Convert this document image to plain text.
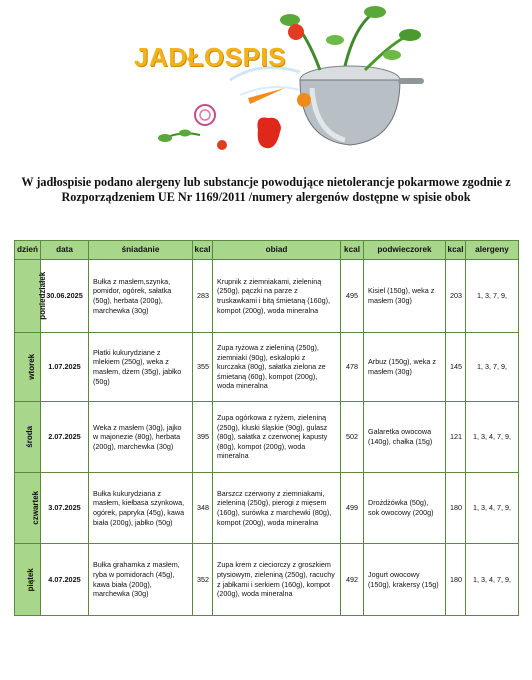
JADŁOSPIS
W jadłospisie podano alergeny lub substancje powodujące nietolerancje pokarmowe zgodnie z Rozporządzeniem UE Nr 1169/2011 /numery alergenów dostępne w spisie obok
dzień	data	śniadanie	kcal	obiad	kcal	podwieczorek	kcal	alergeny
poniedziałek	30.06.2025	Bułka z masłem,szynka, pomidor, ogórek, sałatka (50g), herbata (200g), marchewka (30g)	283	Krupnik z ziemniakami, zieleniną (250g), pączki na parze z truskawkami i bitą śmietaną (160g), kompot (200g), woda mineralna	495	Kisiel (150g), weka z masłem (30g)	203	1, 3, 7, 9,
wtorek	1.07.2025	Płatki kukurydziane z mlekiem (250g), weka z masłem, dżem (35g), jabłko (50g)	355	Zupa ryżowa z zieleniną (250g), ziemniaki (90g), eskalopki z kurczaka (80g), sałatka zielona ze śmietaną (60g), kompot (200g), woda mineralna	478	Arbuz (150g), weka z masłem (30g)	145	1, 3, 7, 9,
środa	2.07.2025	Weka z masłem (30g), jajko w majonezie (80g), herbata (200g), marchewka (30g)	395	Zupa ogórkowa z ryżem, zieleniną (250g), kluski śląskie (90g), gulasz (80g), sałatka z czerwonej kapusty (80g), kompot (200g), woda mineralna	502	Galaretka owocowa (140g), chałka (15g)	121	1, 3, 4, 7, 9,
czwartek	3.07.2025	Bułka kukurydziana z masłem, kiełbasa szynkowa, ogórek, papryka (45g), kawa biała (200g), jabłko (50g)	348	Barszcz czerwony z ziemniakami, zieleniną (250g), pierogi z mięsem (160g), surówka z marchewki (80g), kompot (200g), woda mineralna	499	Drożdżówka (50g), sok owocowy (200g)	180	1, 3, 4, 7, 9,
piątek	4.07.2025	Bułka grahamka z masłem, ryba w pomidorach (45g), kawa biała (200g), marchewka (30g)	352	Zupa krem z cieciorczy z groszkiem ptysiowym, zieleniną (250g), racuchy z jabłkami i serkiem (160g), kompot (200g), woda mineralna	492	Jogurt owocowy (150g), krakersy (15g)	180	1, 3, 4, 7, 9,
